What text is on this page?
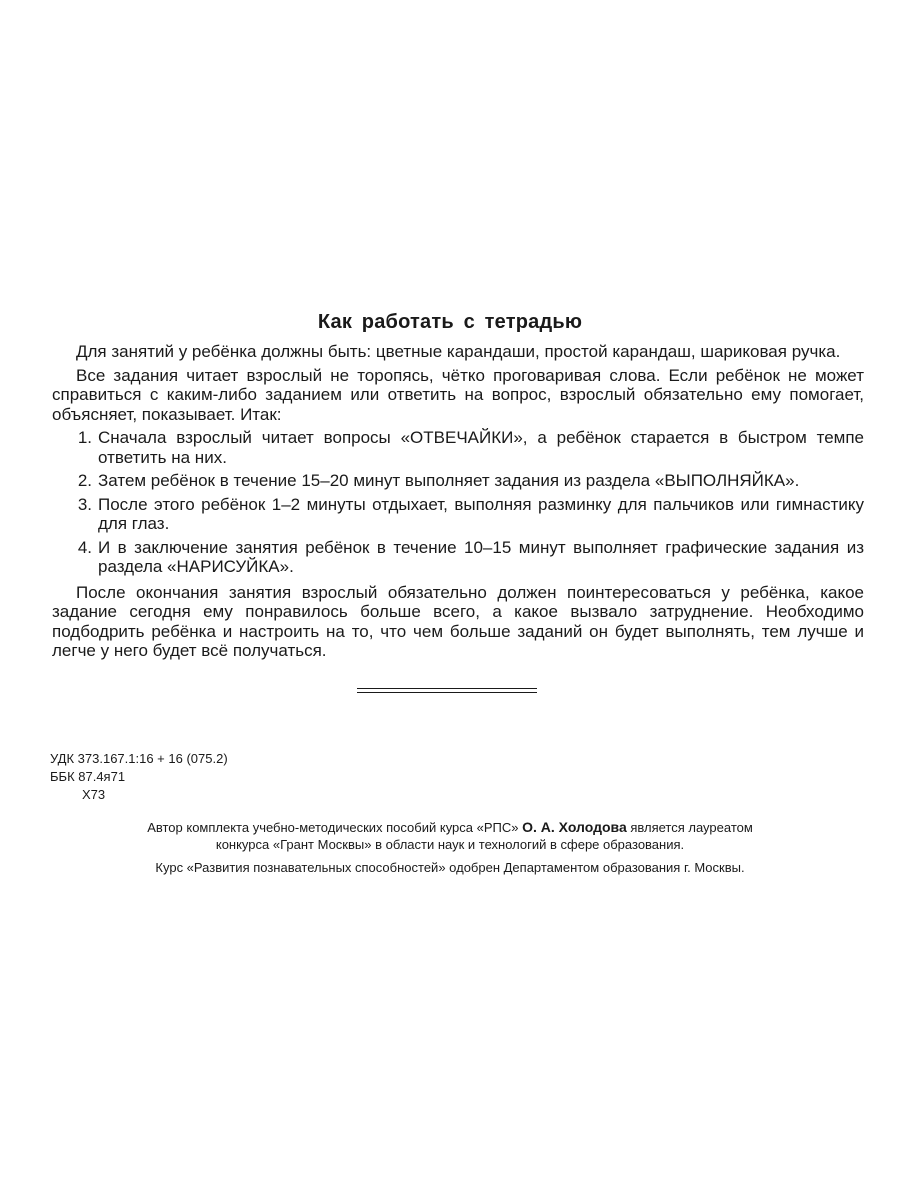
Как работать с тетрадью

Для занятий у ребёнка должны быть: цветные карандаши, простой карандаш, шариковая ручка.

Все задания читает взрослый не торопясь, чётко проговаривая слова. Если ребёнок не может справиться с каким-либо заданием или ответить на вопрос, взрослый обязательно ему помогает, объясняет, показывает. Итак:

1. Сначала взрослый читает вопросы «ОТВЕЧАЙКИ», а ребёнок старается в быстром темпе ответить на них.
2. Затем ребёнок в течение 15–20 минут выполняет задания из раздела «ВЫПОЛНЯЙКА».
3. После этого ребёнок 1–2 минуты отдыхает, выполняя разминку для пальчиков или гимнастику для глаз.
4. И в заключение занятия ребёнок в течение 10–15 минут выполняет графические задания из раздела «НАРИСУЙКА».

После окончания занятия взрослый обязательно должен поинтересоваться у ребёнка, какое задание сегодня ему понравилось больше всего, а какое вызвало затруднение. Необходимо подбодрить ребёнка и настроить на то, что чем больше заданий он будет выполнять, тем лучше и легче у него будет всё получаться.

УДК 373.167.1:16 + 16 (075.2)
ББК 87.4я71
Х73
Автор комплекта учебно-методических пособий курса «РПС» О. А. Холодова является лауреатом
конкурса «Грант Москвы» в области наук и технологий в сфере образования.
Курс «Развития познавательных способностей» одобрен Департаментом образования г. Москвы.
